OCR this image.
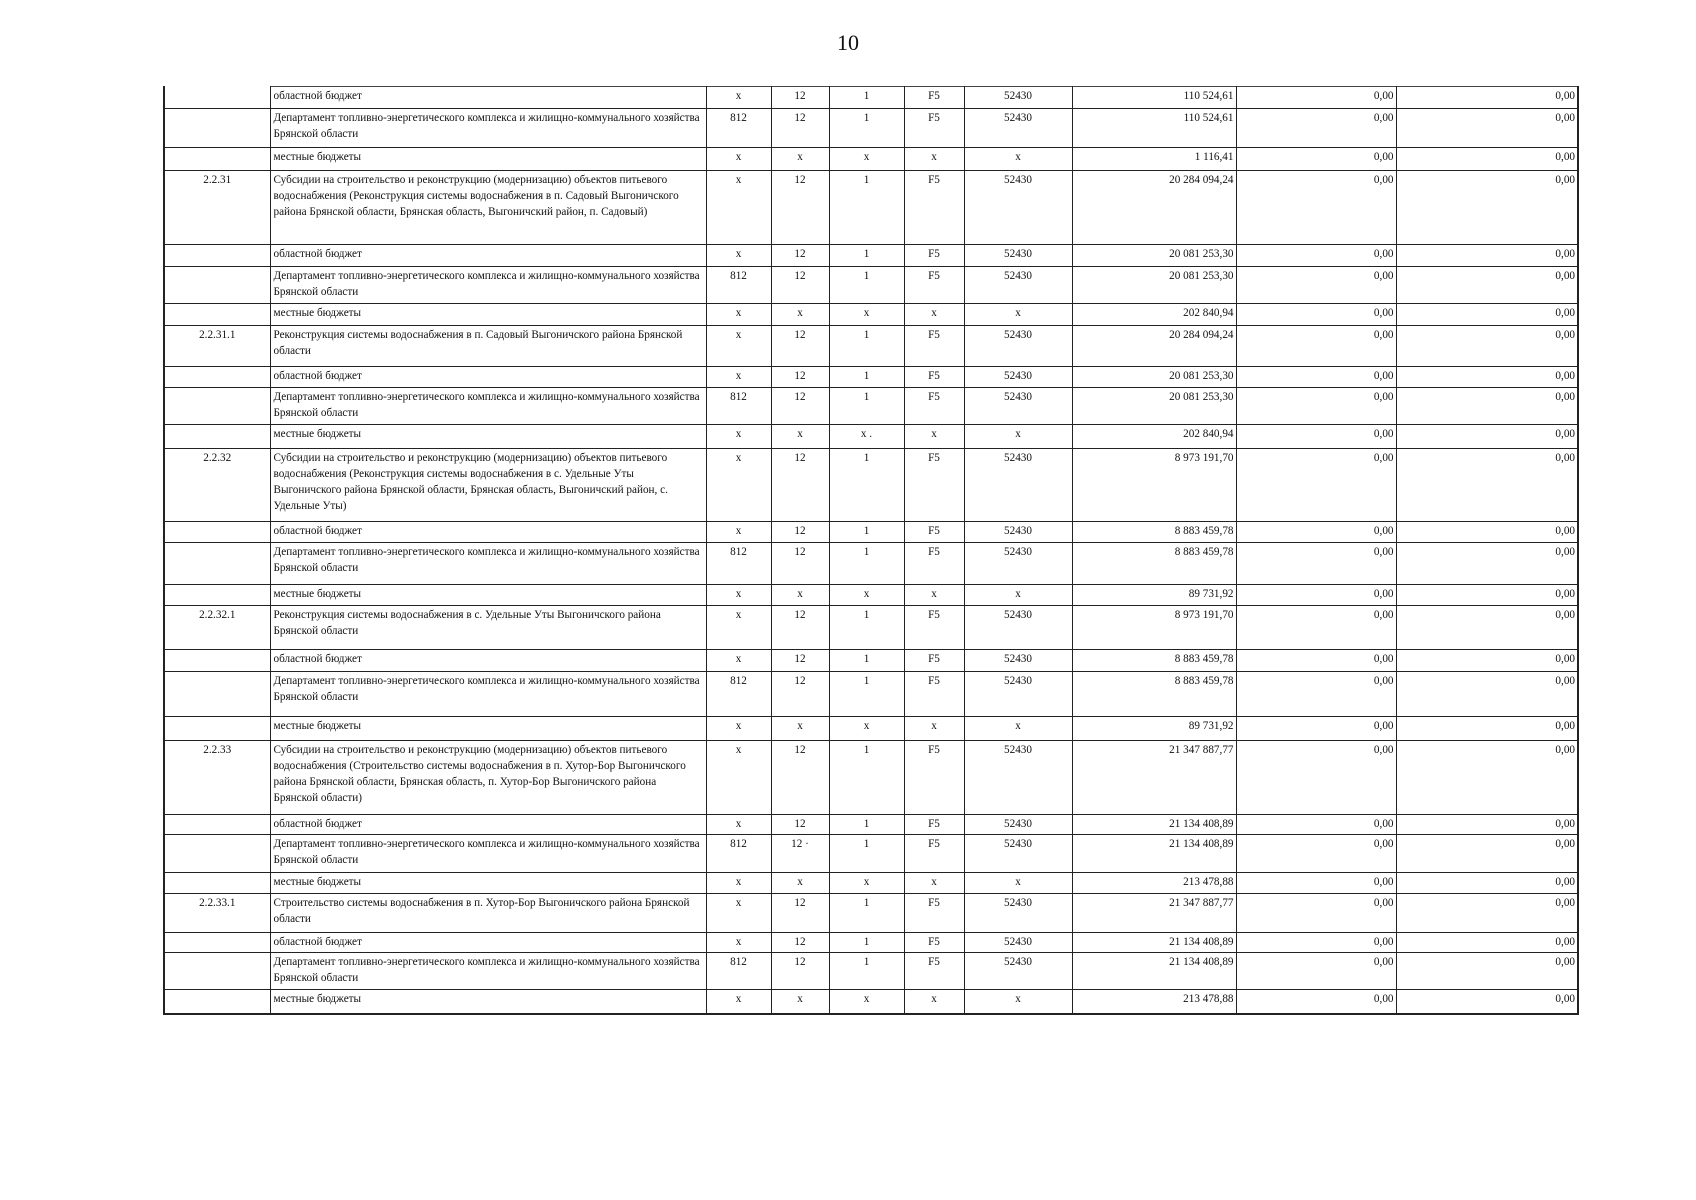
10
	областной бюджет	x	12	1	F5	52430	110 524,61	0,00	0,00
	Департамент топливно-энергетического комплекса и жилищно-коммунального хозяйства Брянской области	812	12	1	F5	52430	110 524,61	0,00	0,00
	местные бюджеты	x	x	x	x	x	1 116,41	0,00	0,00
2.2.31	Субсидии на строительство и реконструкцию (модернизацию) объектов питьевого водоснабжения (Реконструкция системы водоснабжения в п. Садовый Выгоничского района Брянской области, Брянская область, Выгоничский район, п. Садовый)	x	12	1	F5	52430	20 284 094,24	0,00	0,00
	областной бюджет	x	12	1	F5	52430	20 081 253,30	0,00	0,00
	Департамент топливно-энергетического комплекса и жилищно-коммунального хозяйства Брянской области	812	12	1	F5	52430	20 081 253,30	0,00	0,00
	местные бюджеты	x	x	x	x	x	202 840,94	0,00	0,00
2.2.31.1	Реконструкция системы водоснабжения в п. Садовый Выгоничского района Брянской области	x	12	1	F5	52430	20 284 094,24	0,00	0,00
	областной бюджет	x	12	1	F5	52430	20 081 253,30	0,00	0,00
	Департамент топливно-энергетического комплекса и жилищно-коммунального хозяйства Брянской области	812	12	1	F5	52430	20 081 253,30	0,00	0,00
	местные бюджеты	x	x	x .	x	x	202 840,94	0,00	0,00
2.2.32	Субсидии на строительство и реконструкцию (модернизацию) объектов питьевого водоснабжения (Реконструкция системы водоснабжения в с. Удельные Уты Выгоничского района Брянской области, Брянская область, Выгоничский район, с. Удельные Уты)	x	12	1	F5	52430	8 973 191,70	0,00	0,00
	областной бюджет	x	12	1	F5	52430	8 883 459,78	0,00	0,00
	Департамент топливно-энергетического комплекса и жилищно-коммунального хозяйства Брянской области	812	12	1	F5	52430	8 883 459,78	0,00	0,00
	местные бюджеты	x	x	x	x	x	89 731,92	0,00	0,00
2.2.32.1	Реконструкция системы водоснабжения в с. Удельные Уты Выгоничского района Брянской области	x	12	1	F5	52430	8 973 191,70	0,00	0,00
	областной бюджет	x	12	1	F5	52430	8 883 459,78	0,00	0,00
	Департамент топливно-энергетического комплекса и жилищно-коммунального хозяйства Брянской области	812	12	1	F5	52430	8 883 459,78	0,00	0,00
	местные бюджеты	x	x	x	x	x	89 731,92	0,00	0,00
2.2.33	Субсидии на строительство и реконструкцию (модернизацию) объектов питьевого водоснабжения (Строительство системы водоснабжения в п. Хутор-Бор Выгоничского района Брянской области, Брянская область, п. Хутор-Бор Выгоничского района Брянской области)	x	12	1	F5	52430	21 347 887,77	0,00	0,00
	областной бюджет	x	12	1	F5	52430	21 134 408,89	0,00	0,00
	Департамент топливно-энергетического комплекса и жилищно-коммунального хозяйства Брянской области	812	12 ·	1	F5	52430	21 134 408,89	0,00	0,00
	местные бюджеты	x	x	x	x	x	213 478,88	0,00	0,00
2.2.33.1	Строительство системы водоснабжения в п. Хутор-Бор Выгоничского района Брянской области	x	12	1	F5	52430	21 347 887,77	0,00	0,00
	областной бюджет	x	12	1	F5	52430	21 134 408,89	0,00	0,00
	Департамент топливно-энергетического комплекса и жилищно-коммунального хозяйства Брянской области	812	12	1	F5	52430	21 134 408,89	0,00	0,00
	местные бюджеты	x	x	x	x	x	213 478,88	0,00	0,00
